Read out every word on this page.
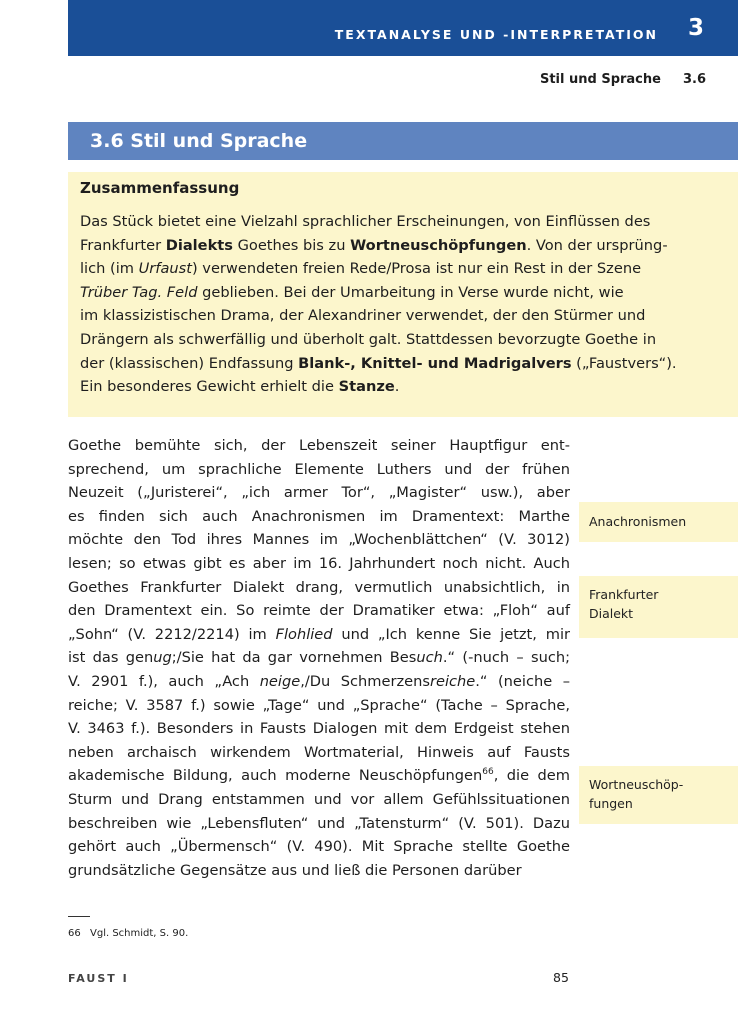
TEXTANALYSE UND -INTERPRETATION 3
Stil und Sprache 3.6
3.6 Stil und Sprache
Zusammenfassung
Das Stück bietet eine Vielzahl sprachlicher Erscheinungen, von Einflüssen des
Frankfurter Dialekts Goethes bis zu Wortneuschöpfungen. Von der ursprüng-
lich (im Urfaust) verwendeten freien Rede/Prosa ist nur ein Rest in der Szene
Trüber Tag. Feld geblieben. Bei der Umarbeitung in Verse wurde nicht, wie
im klassizistischen Drama, der Alexandriner verwendet, der den Stürmer und
Drängern als schwerfällig und überholt galt. Stattdessen bevorzugte Goethe in
der (klassischen) Endfassung Blank-, Knittel- und Madrigalvers („Faustvers“).
Ein besonderes Gewicht erhielt die Stanze.
Goethe bemühte sich, der Lebenszeit seiner Hauptfigur ent-
sprechend, um sprachliche Elemente Luthers und der frühen
Neuzeit („Juristerei“, „ich armer Tor“, „Magister“ usw.), aber
es finden sich auch Anachronismen im Dramentext: Marthe
möchte den Tod ihres Mannes im „Wochenblättchen“ (V. 3012)
lesen; so etwas gibt es aber im 16. Jahrhundert noch nicht. Auch
Goethes Frankfurter Dialekt drang, vermutlich unabsichtlich, in
den Dramentext ein. So reimte der Dramatiker etwa: „Floh“ auf
„Sohn“ (V. 2212/2214) im Flohlied und „Ich kenne Sie jetzt, mir
ist das genug;/Sie hat da gar vornehmen Besuch.“ (-nuch – such;
V. 2901 f.), auch „Ach neige,/Du Schmerzensreiche.“ (neiche –
reiche; V. 3587 f.) sowie „Tage“ und „Sprache“ (Tache – Sprache,
V. 3463 f.). Besonders in Fausts Dialogen mit dem Erdgeist stehen
neben archaisch wirkendem Wortmaterial, Hinweis auf Fausts
akademische Bildung, auch moderne Neuschöpfungen$^{66}$, die dem
Sturm und Drang entstammen und vor allem Gefühlssituationen
beschreiben wie „Lebensfluten“ und „Tatensturm“ (V. 501). Dazu
gehört auch „Übermensch“ (V. 490). Mit Sprache stellte Goethe
grundsätzliche Gegensätze aus und ließ die Personen darüber
Anachronismen
Frankfurter
Dialekt
Wortneuschöp-
fungen
66 Vgl. Schmidt, S. 90.
FAUST I	85
